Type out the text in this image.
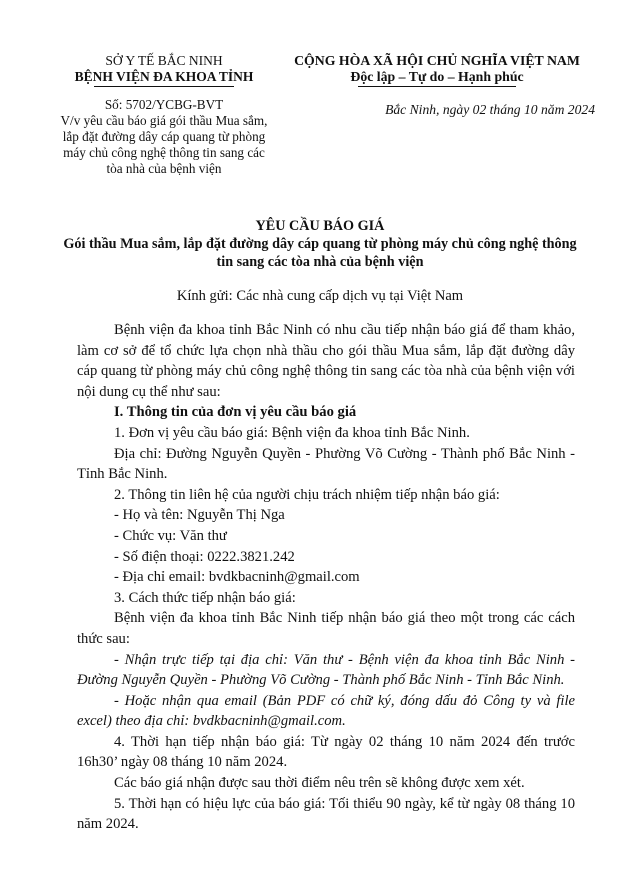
SỞ Y TẾ BẮC NINH
BỆNH VIỆN ĐA KHOA TỈNH
Số: 5702/YCBG-BVT
V/v yêu cầu báo giá gói thầu Mua sắm, lắp đặt đường dây cáp quang từ phòng máy chủ công nghệ thông tin sang các tòa nhà của bệnh viện
CỘNG HÒA XÃ HỘI CHỦ NGHĨA VIỆT NAM
Độc lập – Tự do – Hạnh phúc
Bắc Ninh, ngày 02 tháng 10 năm 2024
YÊU CẦU BÁO GIÁ
Gói thầu Mua sắm, lắp đặt đường dây cáp quang từ phòng máy chủ công nghệ thông tin sang các tòa nhà của bệnh viện
Kính gửi: Các nhà cung cấp dịch vụ tại Việt Nam

Bệnh viện đa khoa tỉnh Bắc Ninh có nhu cầu tiếp nhận báo giá để tham khảo, làm cơ sở để tổ chức lựa chọn nhà thầu cho gói thầu Mua sắm, lắp đặt đường dây cáp quang từ phòng máy chủ công nghệ thông tin sang các tòa nhà của bệnh viện với nội dung cụ thể như sau:

I. Thông tin của đơn vị yêu cầu báo giá

1. Đơn vị yêu cầu báo giá: Bệnh viện đa khoa tỉnh Bắc Ninh.

Địa chỉ: Đường Nguyễn Quyền - Phường Võ Cường - Thành phố Bắc Ninh - Tỉnh Bắc Ninh.

2. Thông tin liên hệ của người chịu trách nhiệm tiếp nhận báo giá:

- Họ và tên: Nguyễn Thị Nga

- Chức vụ: Văn thư

- Số điện thoại: 0222.3821.242

- Địa chỉ email: bvdkbacninh@gmail.com

3. Cách thức tiếp nhận báo giá:

Bệnh viện đa khoa tỉnh Bắc Ninh tiếp nhận báo giá theo một trong các cách thức sau:

- Nhận trực tiếp tại địa chỉ: Văn thư - Bệnh viện đa khoa tỉnh Bắc Ninh - Đường Nguyễn Quyền - Phường Võ Cường - Thành phố Bắc Ninh - Tỉnh Bắc Ninh.

- Hoặc nhận qua email (Bản PDF có chữ ký, đóng dấu đỏ Công ty và file excel) theo địa chỉ: bvdkbacninh@gmail.com.

4. Thời hạn tiếp nhận báo giá: Từ ngày 02 tháng 10 năm 2024 đến trước 16h30’ ngày 08 tháng 10 năm 2024.

Các báo giá nhận được sau thời điểm nêu trên sẽ không được xem xét.

5. Thời hạn có hiệu lực của báo giá: Tối thiểu 90 ngày, kể từ ngày 08 tháng 10 năm 2024.
